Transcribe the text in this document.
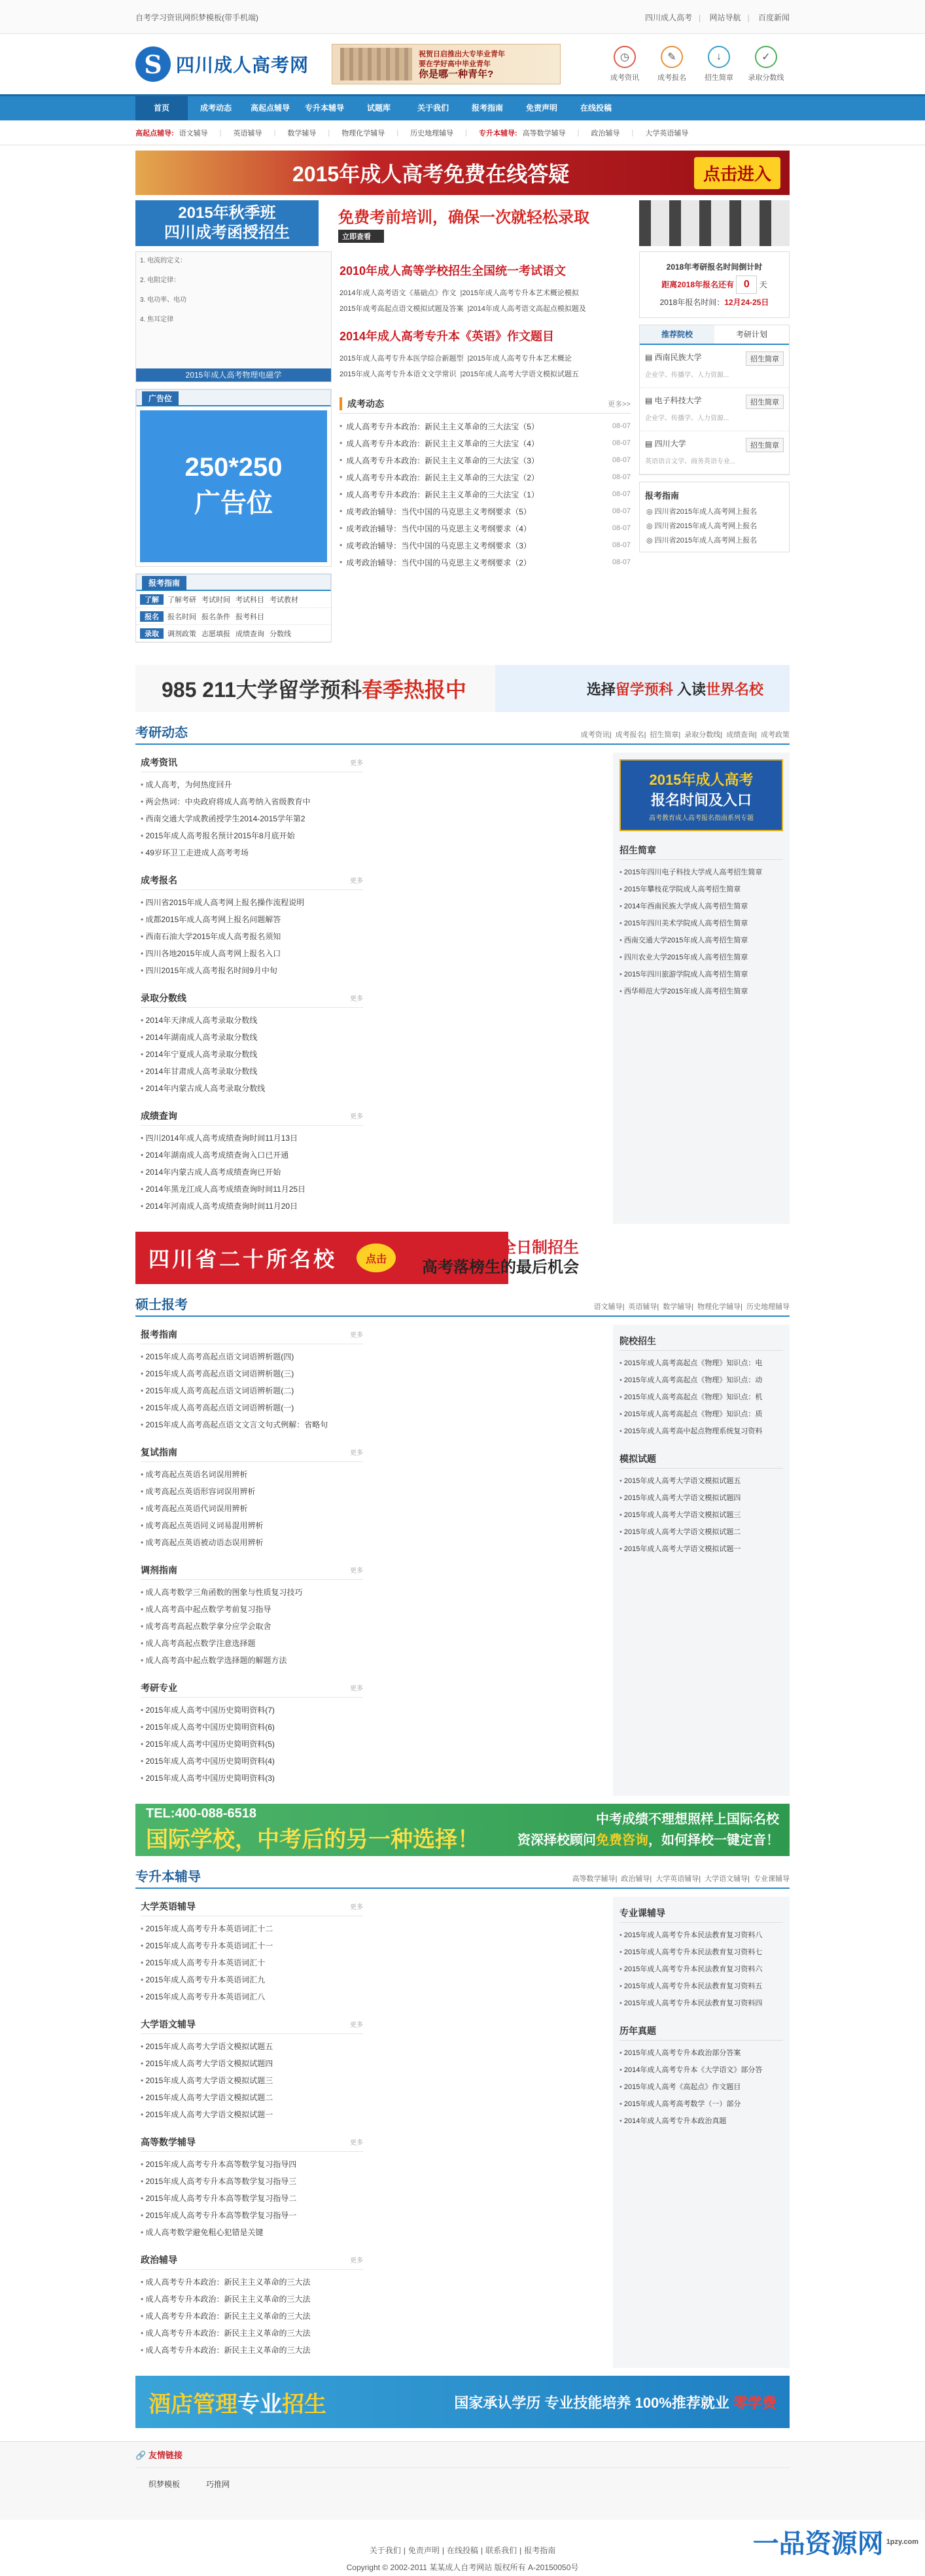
自考学习资讯网织梦模板(带手机端)	四川成人高考 | 网站导航 | 百度新闻
S 四川成人高考网
祝贺日启推出大专毕业青年
要在学好高中毕业青年
你是哪一种青年?
◷
成考资讯
✎
成考报名
↓
招生简章
✓
录取分数线
首页	成考动态	高起点辅导	专升本辅导	试题库	关于我们	报考指南	免责声明	在线投稿
高起点辅导: 语文辅导 | 英语辅导 | 数学辅导 | 物理化学辅导 | 历史地理辅导 | 专升本辅导: 高等数学辅导 | 政治辅导 | 大学英语辅导
2015年成人高考免费在线答疑	点击进入
2015年秋季班
四川成考函授招生
免费考前培训，确保一次就轻松录取
立即查看
1. 电流的定义：
2. 电阻定律：
3. 电功率、电功
4. 焦耳定律
2015年成人高考物理电磁学
广告位
250*250
广告位
报考指南
了解	了解考研 考试时间 考试科目 考试教材
报名	报名时间 报名条件 报考科目
录取	调剂政策 志愿填报 成绩查询 分数线
2010年成人高等学校招生全国统一考试语文
2014年成人高考语文《基础点》作文 |2015年成人高考专升本艺术概论模拟
2015年成考高起点语文模拟试题及答案 |2014年成人高考语文高起点模拟题及
2014年成人高考专升本《英语》作文题目
2015年成人高考专升本医学综合新题型 |2015年成人高考专升本艺术概论
2015年成人高考专升本语文文学常识 |2015年成人高考大学语文模拟试题五
成考动态	更多>>
• 成人高考专升本政治：新民主主义革命的三大法宝（5）	08-07
• 成人高考专升本政治：新民主主义革命的三大法宝（4）	08-07
• 成人高考专升本政治：新民主主义革命的三大法宝（3）	08-07
• 成人高考专升本政治：新民主主义革命的三大法宝（2）	08-07
• 成人高考专升本政治：新民主主义革命的三大法宝（1）	08-07
• 成考政治辅导：当代中国的马克思主义考纲要求（5）	08-07
• 成考政治辅导：当代中国的马克思主义考纲要求（4）	08-07
• 成考政治辅导：当代中国的马克思主义考纲要求（3）	08-07
• 成考政治辅导：当代中国的马克思主义考纲要求（2）	08-07
2018年考研报名时间倒计时
距离2018年报名还有 0 天
2018年报名时间：12月24-25日
推荐院校	考研计划
▤ 西南民族大学
企业学、传播学、人力资源...
招生简章
▤ 电子科技大学
企业学、传播学、人力资源...
招生简章
▤ 四川大学
英语语言文学、商务英语专业...
招生简章
报考指南
◎ 四川省2015年成人高考网上报名
◎ 四川省2015年成人高考网上报名
◎ 四川省2015年成人高考网上报名
985 211大学留学预科春季热报中	选择留学预科 入读世界名校
考研动态	成考资讯| 成考报名| 招生简章| 录取分数线| 成绩查询| 成考政策
成考资讯	更多
• 成人高考，为何热度回升
• 两会热词：中央政府将成人高考纳入省级教育中
• 西南交通大学成教函授学生2014-2015学年第2
• 2015年成人高考报名预计2015年8月底开始
• 49岁环卫工走进成人高考考场
成考报名	更多
• 四川省2015年成人高考网上报名操作流程说明
• 成都2015年成人高考网上报名问题解答
• 西南石油大学2015年成人高考报名须知
• 四川各地2015年成人高考网上报名入口
• 四川2015年成人高考报名时间9月中旬
录取分数线	更多
• 2014年天津成人高考录取分数线
• 2014年湖南成人高考录取分数线
• 2014年宁夏成人高考录取分数线
• 2014年甘肃成人高考录取分数线
• 2014年内蒙古成人高考录取分数线
成绩查询	更多
• 四川2014年成人高考成绩查询时间11月13日
• 2014年湖南成人高考成绩查询入口已开通
• 2014年内蒙古成人高考成绩查询已开始
• 2014年黑龙江成人高考成绩查询时间11月25日
• 2014年河南成人高考成绩查询时间11月20日
2015年成人高考
报名时间及入口
高考教育成人高考报名指南系列专题
招生简章
• 2015年四川电子科技大学成人高考招生简章
• 2015年攀枝花学院成人高考招生简章
• 2014年西南民族大学成人高考招生简章
• 2015年四川美术学院成人高考招生简章
• 西南交通大学2015年成人高考招生简章
• 四川农业大学2015年成人高考招生简章
• 2015年四川旅游学院成人高考招生简章
• 西华师范大学2015年成人高考招生简章
四川省二十所名校	点击
三年高升本全日制招生
高考落榜生的最后机会
硕士报考	语文辅导| 英语辅导| 数学辅导| 物理化学辅导| 历史地理辅导
报考指南	更多
• 2015年成人高考高起点语文词语辨析题(四)
• 2015年成人高考高起点语文词语辨析题(三)
• 2015年成人高考高起点语文词语辨析题(二)
• 2015年成人高考高起点语文词语辨析题(一)
• 2015年成人高考高起点语文文言文句式例解：省略句
复试指南	更多
• 成考高起点英语名词误用辨析
• 成考高起点英语形容词误用辨析
• 成考高起点英语代词误用辨析
• 成考高起点英语同义词易混用辨析
• 成考高起点英语被动语态误用辨析
调剂指南	更多
• 成人高考数学三角函数的图象与性质复习技巧
• 成人高考高中起点数学考前复习指导
• 成考高考高起点数学拿分应学会取舍
• 成人高考高起点数学注意选择题
• 成人高考高中起点数学选择题的解题方法
考研专业	更多
• 2015年成人高考中国历史简明资料(7)
• 2015年成人高考中国历史简明资料(6)
• 2015年成人高考中国历史简明资料(5)
• 2015年成人高考中国历史简明资料(4)
• 2015年成人高考中国历史简明资料(3)
院校招生
• 2015年成人高考高起点《物理》知识点：电
• 2015年成人高考高起点《物理》知识点：动
• 2015年成人高考高起点《物理》知识点：机
• 2015年成人高考高起点《物理》知识点：质
• 2015年成人高考高中起点物理系统复习资料
模拟试题
• 2015年成人高考大学语文模拟试题五
• 2015年成人高考大学语文模拟试题四
• 2015年成人高考大学语文模拟试题三
• 2015年成人高考大学语文模拟试题二
• 2015年成人高考大学语文模拟试题一
TEL:400-088-6518
国际学校，中考后的另一种选择！
中考成绩不理想照样上国际名校
资深择校顾问免费咨询，如何择校一键定音！
专升本辅导	高等数学辅导| 政治辅导| 大学英语辅导| 大学语文辅导| 专业课辅导
大学英语辅导	更多
• 2015年成人高考专升本英语词汇十二
• 2015年成人高考专升本英语词汇十一
• 2015年成人高考专升本英语词汇十
• 2015年成人高考专升本英语词汇九
• 2015年成人高考专升本英语词汇八
大学语文辅导	更多
• 2015年成人高考大学语文模拟试题五
• 2015年成人高考大学语文模拟试题四
• 2015年成人高考大学语文模拟试题三
• 2015年成人高考大学语文模拟试题二
• 2015年成人高考大学语文模拟试题一
高等数学辅导	更多
• 2015年成人高考专升本高等数学复习指导四
• 2015年成人高考专升本高等数学复习指导三
• 2015年成人高考专升本高等数学复习指导二
• 2015年成人高考专升本高等数学复习指导一
• 成人高考数学避免粗心犯错是关键
政治辅导	更多
• 成人高考专升本政治：新民主主义革命的三大法
• 成人高考专升本政治：新民主主义革命的三大法
• 成人高考专升本政治：新民主主义革命的三大法
• 成人高考专升本政治：新民主主义革命的三大法
• 成人高考专升本政治：新民主主义革命的三大法
专业课辅导
• 2015年成人高考专升本民法教育复习资料八
• 2015年成人高考专升本民法教育复习资料七
• 2015年成人高考专升本民法教育复习资料六
• 2015年成人高考专升本民法教育复习资料五
• 2015年成人高考专升本民法教育复习资料四
历年真题
• 2015年成人高考专升本政治部分答案
• 2014年成人高考专升本《大学语文》部分答
• 2015年成人高考《高起点》作文题目
• 2015年成人高考高考数学（一）部分
• 2014年成人高考专升本政治真题
酒店管理专业招生	国家承认学历 专业技能培养 100%推荐就业 零学费
🔗 友情链接
织梦模板	巧推网
关于我们 | 免责声明 | 在线投稿 | 联系我们 | 报考指南
Copyright © 2002-2011 某某成人自考网站 版权所有 A-20150050号
一品 资源网 1pzy.com
